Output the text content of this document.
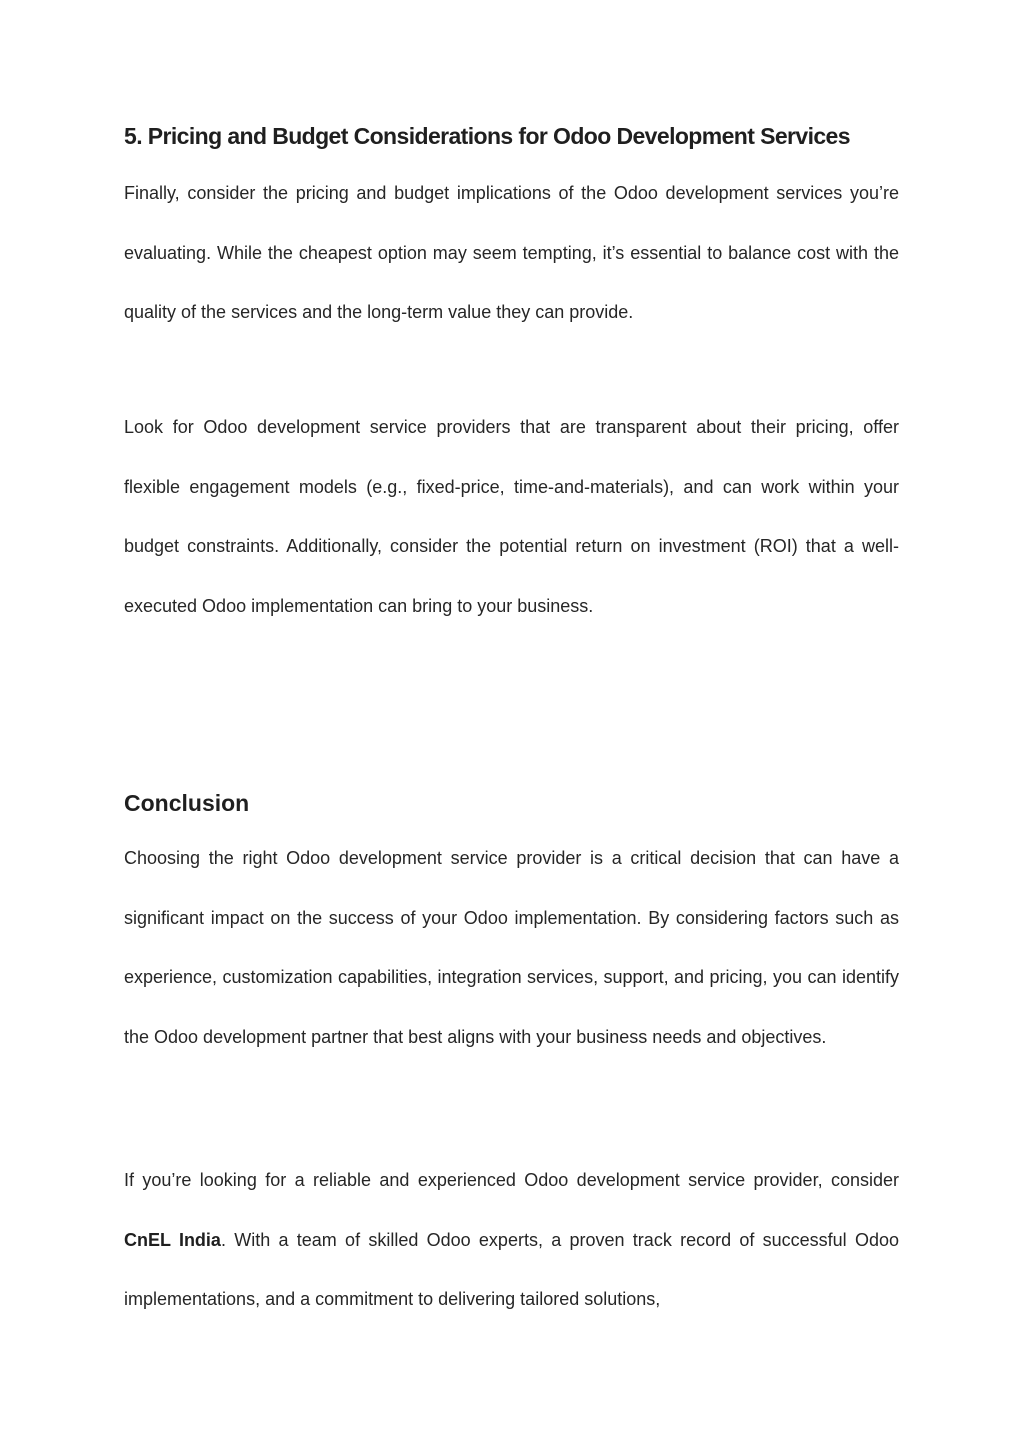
5. Pricing and Budget Considerations for Odoo Development Services

Finally, consider the pricing and budget implications of the Odoo development services you’re evaluating. While the cheapest option may seem tempting, it’s essential to balance cost with the quality of the services and the long-term value they can provide.

Look for Odoo development service providers that are transparent about their pricing, offer flexible engagement models (e.g., fixed-price, time-and-materials), and can work within your budget constraints. Additionally, consider the potential return on investment (ROI) that a well-executed Odoo implementation can bring to your business.

Conclusion

Choosing the right Odoo development service provider is a critical decision that can have a significant impact on the success of your Odoo implementation. By considering factors such as experience, customization capabilities, integration services, support, and pricing, you can identify the Odoo development partner that best aligns with your business needs and objectives.

If you’re looking for a reliable and experienced Odoo development service provider, consider CnEL India. With a team of skilled Odoo experts, a proven track record of successful Odoo implementations, and a commitment to delivering tailored solutions,
